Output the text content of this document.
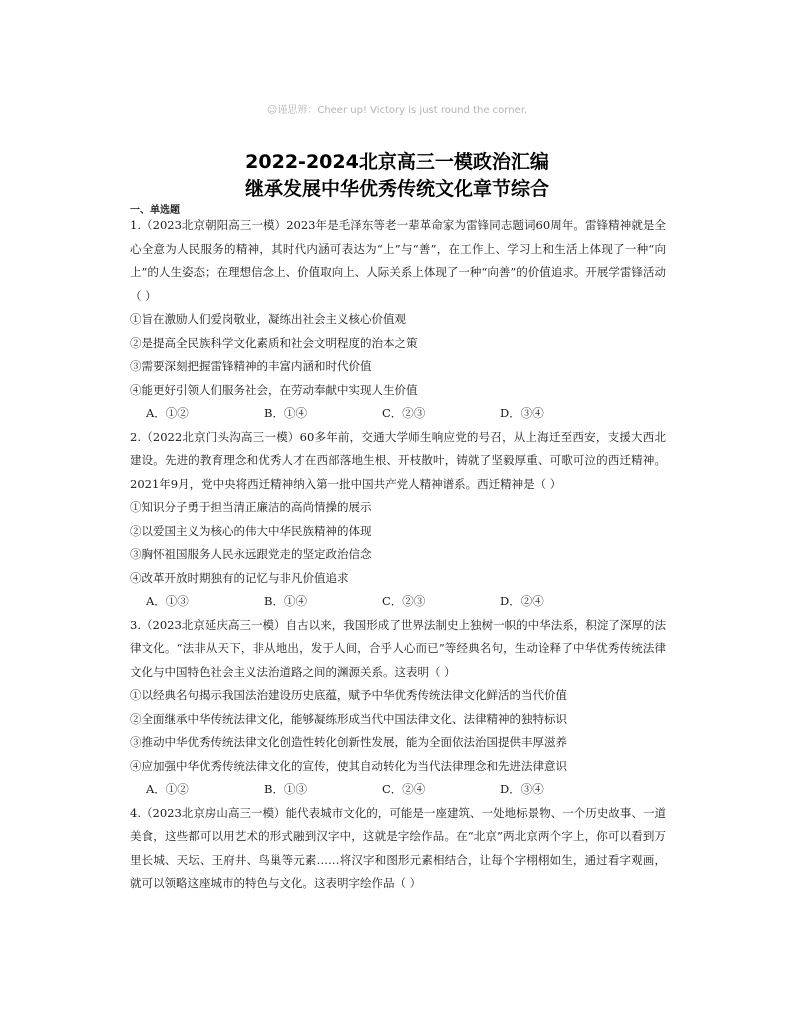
☺谨思辨：Cheer up! Victory is just round the corner.
2022-2024北京高三一模政治汇编
继承发展中华优秀传统文化章节综合
一、单选题
1.（2023北京朝阳高三一模）2023年是毛泽东等老一辈革命家为雷锋同志题词60周年。雷锋精神就是全心全意为人民服务的精神，其时代内涵可表达为“上”与“善”，在工作上、学习上和生活上体现了一种“向上”的人生姿态；在理想信念上、价值取向上、人际关系上体现了一种“向善”的价值追求。开展学雷锋活动（ ）
①旨在激励人们爱岗敬业，凝练出社会主义核心价值观
②是提高全民族科学文化素质和社会文明程度的治本之策
③需要深刻把握雷锋精神的丰富内涵和时代价值
④能更好引领人们服务社会，在劳动奉献中实现人生价值
A．①②	B．①④	C．②③	D．③④
2.（2022北京门头沟高三一模）60多年前，交通大学师生响应党的号召，从上海迁至西安，支援大西北建设。先进的教育理念和优秀人才在西部落地生根、开枝散叶，铸就了坚毅厚重、可歌可泣的西迁精神。2021年9月，党中央将西迁精神纳入第一批中国共产党人精神谱系。西迁精神是（ ）
①知识分子勇于担当清正廉洁的高尚情操的展示
②以爱国主义为核心的伟大中华民族精神的体现
③胸怀祖国服务人民永远跟党走的坚定政治信念
④改革开放时期独有的记忆与非凡价值追求
A．①③	B．①④	C．②③	D．②④
3.（2023北京延庆高三一模）自古以来，我国形成了世界法制史上独树一帜的中华法系，积淀了深厚的法律文化。“法非从天下，非从地出，发于人间，合乎人心而已”等经典名句，生动诠释了中华优秀传统法律文化与中国特色社会主义法治道路之间的渊源关系。这表明（ ）
①以经典名句揭示我国法治建设历史底蕴，赋予中华优秀传统法律文化鲜活的当代价值
②全面继承中华传统法律文化，能够凝练形成当代中国法律文化、法律精神的独特标识
③推动中华优秀传统法律文化创造性转化创新性发展，能为全面依法治国提供丰厚滋养
④应加强中华优秀传统法律文化的宣传，使其自动转化为当代法律理念和先进法律意识
A．①②	B．①③	C．②④	D．③④
4.（2023北京房山高三一模）能代表城市文化的，可能是一座建筑、一处地标景物、一个历史故事、一道美食，这些都可以用艺术的形式融到汉字中，这就是字绘作品。在“北京”两北京两个字上，你可以看到万里长城、天坛、王府井、鸟巢等元素……将汉字和图形元素相结合，让每个字栩栩如生，通过看字观画，就可以领略这座城市的特色与文化。这表明字绘作品（ ）
